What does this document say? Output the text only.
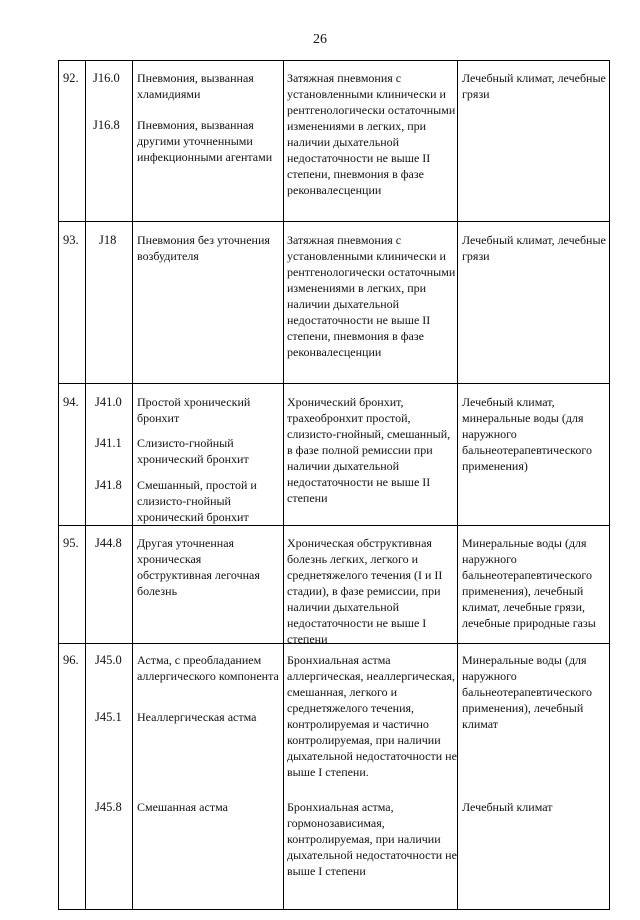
26
92. J16.0 Пневмония, вызванная хламидиями
J16.8 Пневмония, вызванная другими уточненными инфекционными агентами
Затяжная пневмония с установленными клинически и рентгенологически остаточными изменениями в легких, при наличии дыхательной недостаточности не выше II степени, пневмония в фазе реконвалесценции
Лечебный климат, лечебные грязи
93. J18 Пневмония без уточнения возбудителя
Затяжная пневмония с установленными клинически и рентгенологически остаточными изменениями в легких, при наличии дыхательной недостаточности не выше II степени, пневмония в фазе реконвалесценции
Лечебный климат, лечебные грязи
94. J41.0 Простой хронический бронхит
J41.1 Слизисто-гнойный хронический бронхит
J41.8 Смешанный, простой и слизисто-гнойный хронический бронхит
Хронический бронхит, трахеобронхит простой, слизисто-гнойный, смешанный, в фазе полной ремиссии при наличии дыхательной недостаточности не выше II степени
Лечебный климат, минеральные воды (для наружного бальнеотерапевтического применения)
95. J44.8 Другая уточненная хроническая обструктивная легочная болезнь
Хроническая обструктивная болезнь легких, легкого и среднетяжелого течения (I и II стадии), в фазе ремиссии, при наличии дыхательной недостаточности не выше I степени
Минеральные воды (для наружного бальнеотерапевтического применения), лечебный климат, лечебные грязи, лечебные природные газы
96. J45.0 Астма, с преобладанием аллергического компонента
J45.1 Неаллергическая астма
J45.8 Смешанная астма
Бронхиальная астма аллергическая, неаллергическая, смешанная, легкого и среднетяжелого течения, контролируемая и частично контролируемая, при наличии дыхательной недостаточности не выше I степени.
Бронхиальная астма, гормонозависимая, контролируемая, при наличии дыхательной недостаточности не выше I степени
Минеральные воды (для наружного бальнеотерапевтического применения), лечебный климат
Лечебный климат
